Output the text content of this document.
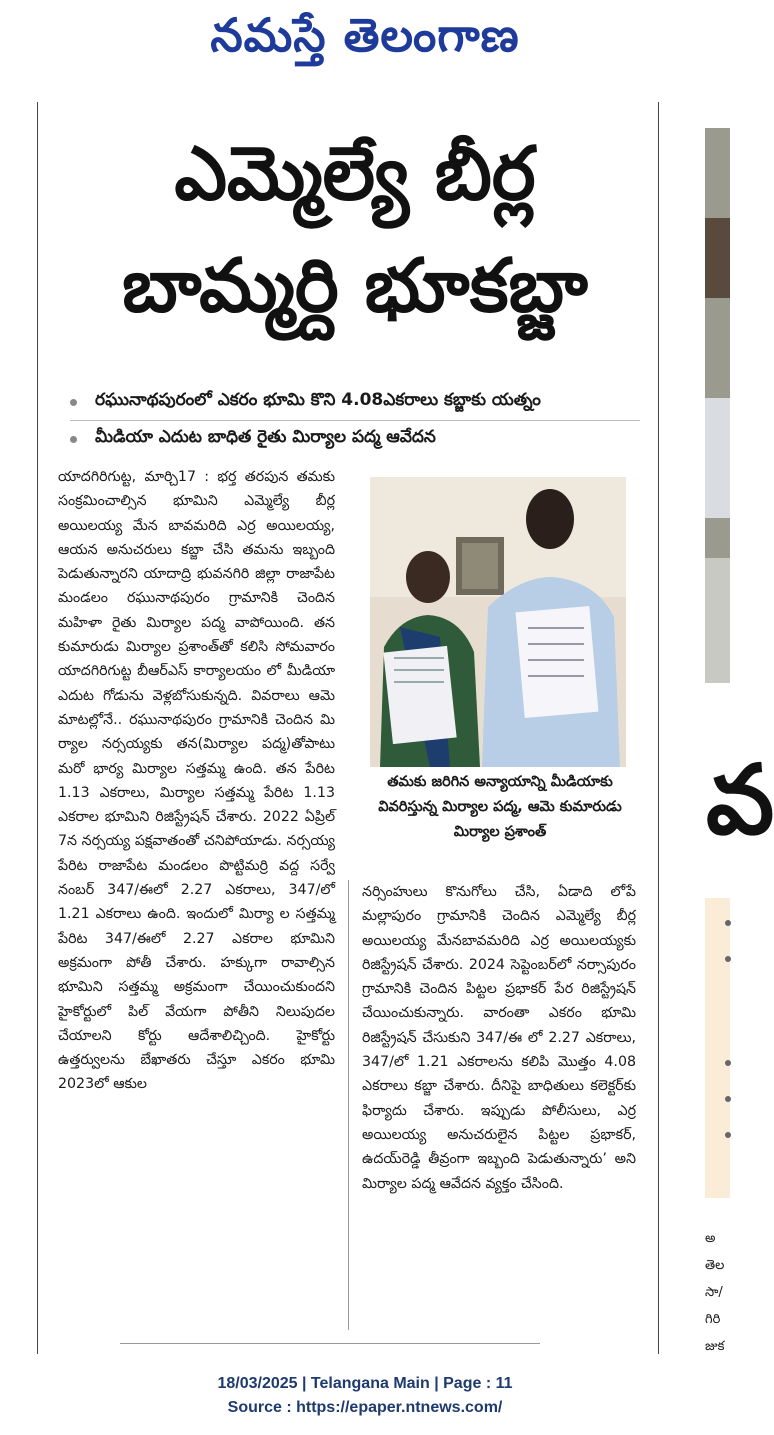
నమస్తే తెలంగాణ
ఎమ్మెల్యే బీర్ల
బామ్మర్ది భూకబ్జా
రఘునాథపురంలో ఎకరం భూమి కొని 4.08ఎకరాలు కబ్జాకు యత్నం
మీడియా ఎదుట బాధిత రైతు మిర్యాల పద్మ ఆవేదన
యాదగిరిగుట్ట, మార్చి17 : భర్త తరపున తమకు సంక్రమించాల్సిన భూమిని ఎమ్మెల్యే బీర్ల అయిలయ్య మేన బావమరిది ఎర్ర అయిలయ్య, ఆయన అనుచరులు కబ్జా చేసి తమను ఇబ్బంది పెడుతున్నారని యాదాద్రి భువనగిరి జిల్లా రాజాపేట మండలం రఘునాథపురం గ్రామానికి చెందిన మహిళా రైతు మిర్యాల పద్మ వాపోయింది. తన కుమారుడు మిర్యాల ప్రశాంత్‌తో కలిసి సోమవారం యాదగిరిగుట్ట బీఆర్‌ఎస్ కార్యాలయం లో మీడియా ఎదుట గోడును వెళ్లబోసుకున్నది. వివరాలు ఆమె మాటల్లోనే.. రఘునాథపురం గ్రామానికి చెందిన మి ర్యాల నర్సయ్యకు తన(మిర్యాల పద్మ)తోపాటు మరో భార్య మిర్యాల సత్తమ్మ ఉంది. తన పేరిట 1.13 ఎకరాలు, మిర్యాల సత్తమ్మ పేరిట 1.13 ఎకరాల భూమిని రిజిస్ట్రేషన్ చేశారు. 2022 ఏప్రిల్ 7న నర్సయ్య పక్షవాతంతో చనిపోయాడు. నర్సయ్య పేరిట రాజాపేట మండలం పొట్టిమర్రి వద్ద సర్వే నంబర్ 347/ఈలో 2.27 ఎకరాలు, 347/లో 1.21 ఎకరాలు ఉంది. ఇందులో మిర్యా ల సత్తమ్మ పేరిట 347/ఈలో 2.27 ఎకరాల భూమిని అక్రమంగా పోతీ చేశారు. హక్కుగా రావాల్సిన భూమిని సత్తమ్మ అక్రమంగా చేయించుకుందని హైకోర్టులో పిల్ వేయగా పోతీని నిలుపుదల చేయాలని కోర్టు ఆదేశాలిచ్చింది. హైకోర్టు ఉత్తర్వులను బేఖాతరు చేస్తూ ఎకరం భూమి 2023లో ఆకుల
తమకు జరిగిన అన్యాయాన్ని మీడియాకు వివరిస్తున్న మిర్యాల పద్మ, ఆమె కుమారుడు మిర్యాల ప్రశాంత్
నర్సింహులు కొనుగోలు చేసి, ఏడాది లోపే మల్లాపురం గ్రామానికి చెందిన ఎమ్మెల్యే బీర్ల అయిలయ్య మేనబావమరిది ఎర్ర అయిలయ్యకు రిజిస్ట్రేషన్ చేశారు. 2024 సెప్టెంబర్‌లో నర్సాపురం గ్రామానికి చెందిన పిట్టల ప్రభాకర్ పేర రిజిస్ట్రేషన్ చేయించుకున్నారు. వారంతా ఎకరం భూమి రిజిస్ట్రేషన్ చేసుకుని 347/ఈ లో 2.27 ఎకరాలు, 347/లో 1.21 ఎకరాలను కలిపి మొత్తం 4.08 ఎకరాలు కబ్జా చేశారు. దీనిపై బాధితులు కలెక్టర్‌కు ఫిర్యాదు చేశారు. ఇప్పుడు పోలీసులు, ఎర్ర అయిలయ్య అనుచరులైన పిట్టల ప్రభాకర్, ఉదయ్‌రెడ్డి తీవ్రంగా ఇబ్బంది పెడుతున్నారు’ అని మిర్యాల పద్మ ఆవేదన వ్యక్తం చేసింది.
18/03/2025 | Telangana Main | Page : 11
Source : https://epaper.ntnews.com/
వ
అ
తెల
సా/
గిరి
జుక
